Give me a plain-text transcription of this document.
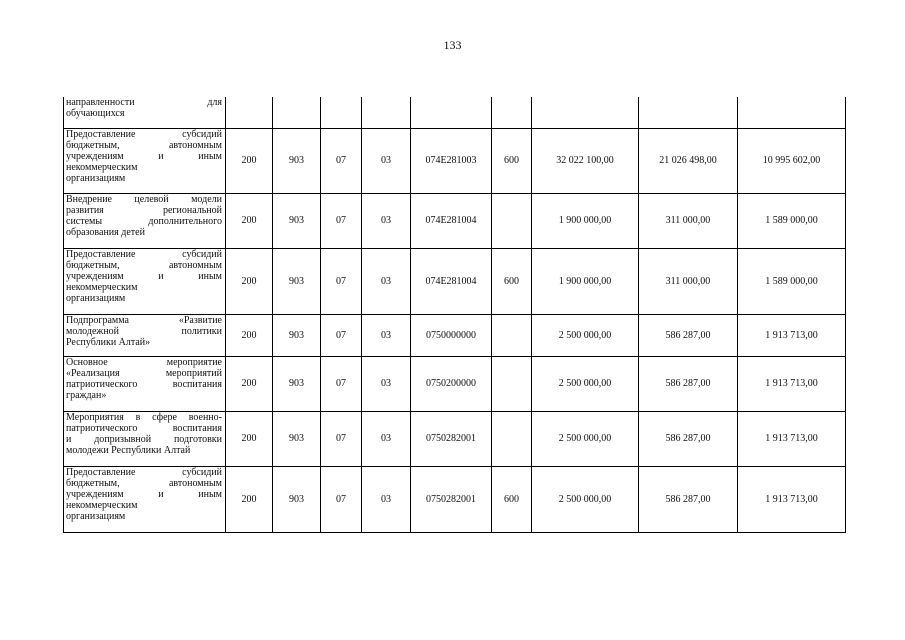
133
направленности для
обучающихся									

Предоставление субсидий
бюджетным, автономным
учреждениям и иным
некоммерческим
организациям	200	903	07	03	074E281003	600	32 022 100,00	21 026 498,00	10 995 602,00

Внедрение целевой модели
развития региональной
системы дополнительного
образования детей	200	903	07	03	074E281004		1 900 000,00	311 000,00	1 589 000,00

Предоставление субсидий
бюджетным, автономным
учреждениям и иным
некоммерческим
организациям	200	903	07	03	074E281004	600	1 900 000,00	311 000,00	1 589 000,00

Подпрограмма «Развитие
молодежной политики
Республики Алтай»	200	903	07	03	0750000000		2 500 000,00	586 287,00	1 913 713,00

Основное мероприятие
«Реализация мероприятий
патриотического воспитания
граждан»	200	903	07	03	0750200000		2 500 000,00	586 287,00	1 913 713,00

Мероприятия в сфере военно-
патриотического воспитания
и допризывной подготовки
молодежи Республики Алтай	200	903	07	03	0750282001		2 500 000,00	586 287,00	1 913 713,00

Предоставление субсидий
бюджетным, автономным
учреждениям и иным
некоммерческим
организациям	200	903	07	03	0750282001	600	2 500 000,00	586 287,00	1 913 713,00
